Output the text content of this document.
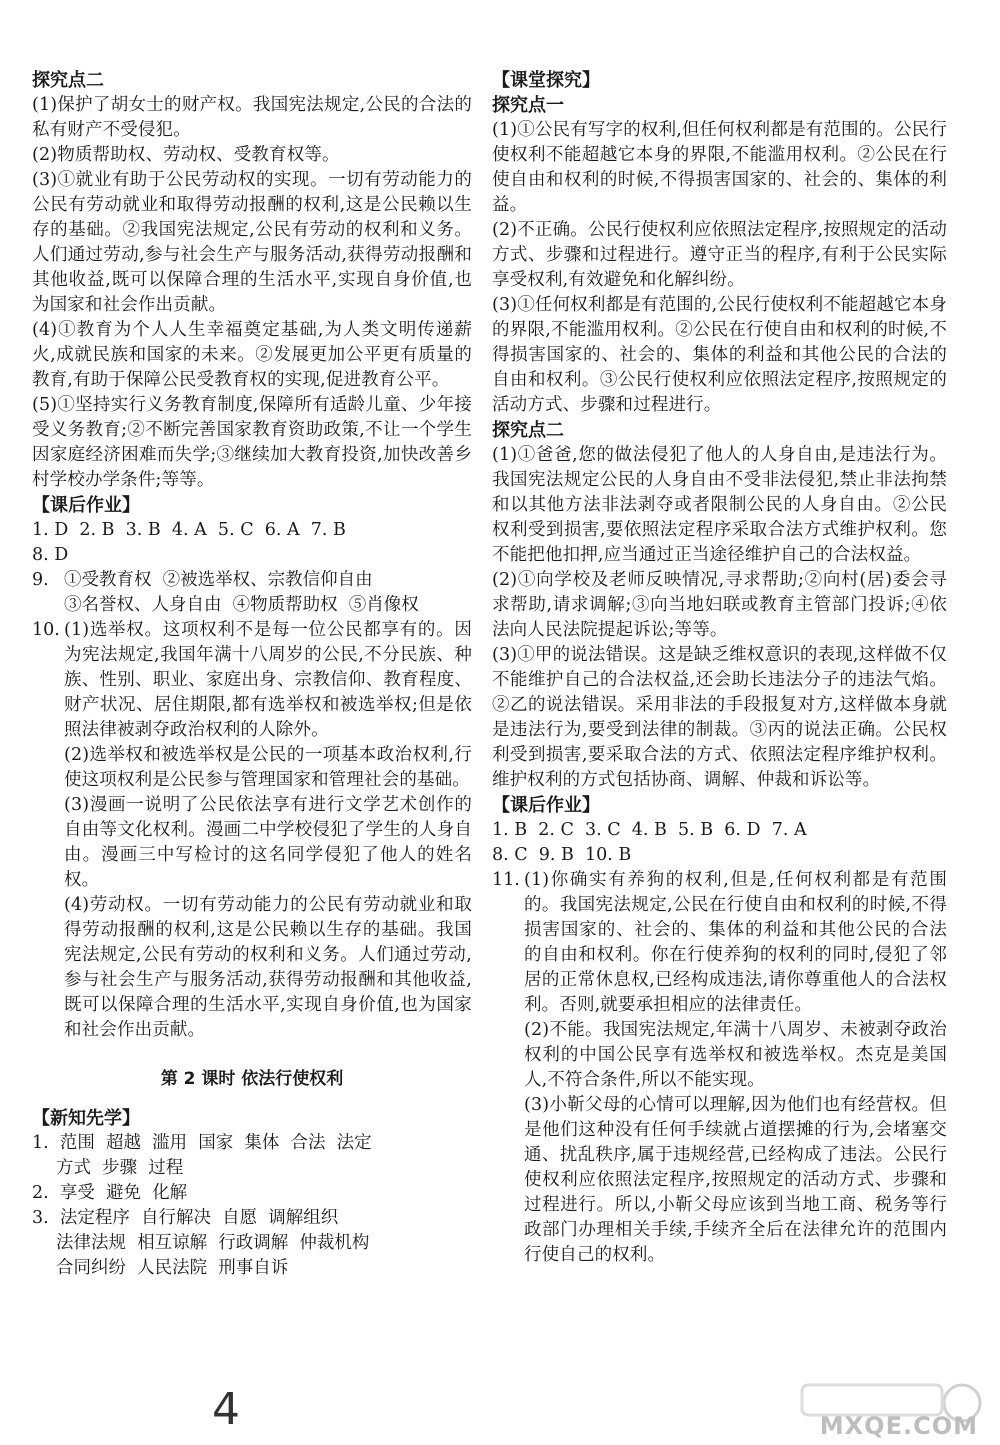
探究点二

(1)保护了胡女士的财产权。我国宪法规定,公民的合法的私有财产不受侵犯。

(2)物质帮助权、劳动权、受教育权等。

(3)①就业有助于公民劳动权的实现。一切有劳动能力的公民有劳动就业和取得劳动报酬的权利,这是公民赖以生存的基础。②我国宪法规定,公民有劳动的权利和义务。人们通过劳动,参与社会生产与服务活动,获得劳动报酬和其他收益,既可以保障合理的生活水平,实现自身价值,也为国家和社会作出贡献。

(4)①教育为个人人生幸福奠定基础,为人类文明传递薪火,成就民族和国家的未来。②发展更加公平更有质量的教育,有助于保障公民受教育权的实现,促进教育公平。

(5)①坚持实行义务教育制度,保障所有适龄儿童、少年接受义务教育;②不断完善国家教育资助政策,不让一个学生因家庭经济困难而失学;③继续加大教育投资,加快改善乡村学校办学条件;等等。

【课后作业】

1. D  2. B  3. B  4. A  5. C  6. A  7. B

8. D

9. ①受教育权  ②被选举权、宗教信仰自由

③名誉权、人身自由  ④物质帮助权  ⑤肖像权

10. (1)选举权。这项权利不是每一位公民都享有的。因为宪法规定,我国年满十八周岁的公民,不分民族、种族、性别、职业、家庭出身、宗教信仰、教育程度、财产状况、居住期限,都有选举权和被选举权;但是依照法律被剥夺政治权利的人除外。

(2)选举权和被选举权是公民的一项基本政治权利,行使这项权利是公民参与管理国家和管理社会的基础。

(3)漫画一说明了公民依法享有进行文学艺术创作的自由等文化权利。漫画二中学校侵犯了学生的人身自由。漫画三中写检讨的这名同学侵犯了他人的姓名权。

(4)劳动权。一切有劳动能力的公民有劳动就业和取得劳动报酬的权利,这是公民赖以生存的基础。我国宪法规定,公民有劳动的权利和义务。人们通过劳动,参与社会生产与服务活动,获得劳动报酬和其他收益,既可以保障合理的生活水平,实现自身价值,也为国家和社会作出贡献。

第 2 课时 依法行使权利

【新知先学】

1.  范围  超越  滥用  国家  集体  合法  法定

方式  步骤  过程

2.  享受  避免  化解

3.  法定程序  自行解决  自愿  调解组织

法律法规  相互谅解  行政调解  仲裁机构

合同纠纷  人民法院  刑事自诉

【课堂探究】

探究点一

(1)①公民有写字的权利,但任何权利都是有范围的。公民行使权利不能超越它本身的界限,不能滥用权利。②公民在行使自由和权利的时候,不得损害国家的、社会的、集体的利益。

(2)不正确。公民行使权利应依照法定程序,按照规定的活动方式、步骤和过程进行。遵守正当的程序,有利于公民实际享受权利,有效避免和化解纠纷。

(3)①任何权利都是有范围的,公民行使权利不能超越它本身的界限,不能滥用权利。②公民在行使自由和权利的时候,不得损害国家的、社会的、集体的利益和其他公民的合法的自由和权利。③公民行使权利应依照法定程序,按照规定的活动方式、步骤和过程进行。

探究点二

(1)①爸爸,您的做法侵犯了他人的人身自由,是违法行为。我国宪法规定公民的人身自由不受非法侵犯,禁止非法拘禁和以其他方法非法剥夺或者限制公民的人身自由。②公民权利受到损害,要依照法定程序采取合法方式维护权利。您不能把他扣押,应当通过正当途径维护自己的合法权益。

(2)①向学校及老师反映情况,寻求帮助;②向村(居)委会寻求帮助,请求调解;③向当地妇联或教育主管部门投诉;④依法向人民法院提起诉讼;等等。

(3)①甲的说法错误。这是缺乏维权意识的表现,这样做不仅不能维护自己的合法权益,还会助长违法分子的违法气焰。②乙的说法错误。采用非法的手段报复对方,这样做本身就是违法行为,要受到法律的制裁。③丙的说法正确。公民权利受到损害,要采取合法的方式、依照法定程序维护权利。维护权利的方式包括协商、调解、仲裁和诉讼等。

【课后作业】

1. B  2. C  3. C  4. B  5. B  6. D  7. A

8. C  9. B  10. B

11. (1)你确实有养狗的权利,但是,任何权利都是有范围的。我国宪法规定,公民在行使自由和权利的时候,不得损害国家的、社会的、集体的利益和其他公民的合法的自由和权利。你在行使养狗的权利的同时,侵犯了邻居的正常休息权,已经构成违法,请你尊重他人的合法权利。否则,就要承担相应的法律责任。

(2)不能。我国宪法规定,年满十八周岁、未被剥夺政治权利的中国公民享有选举权和被选举权。杰克是美国人,不符合条件,所以不能实现。

(3)小靳父母的心情可以理解,因为他们也有经营权。但是他们这种没有任何手续就占道摆摊的行为,会堵塞交通、扰乱秩序,属于违规经营,已经构成了违法。公民行使权利应依照法定程序,按照规定的活动方式、步骤和过程进行。所以,小靳父母应该到当地工商、税务等行政部门办理相关手续,手续齐全后在法律允许的范围内行使自己的权利。

4	MXQE.COM
